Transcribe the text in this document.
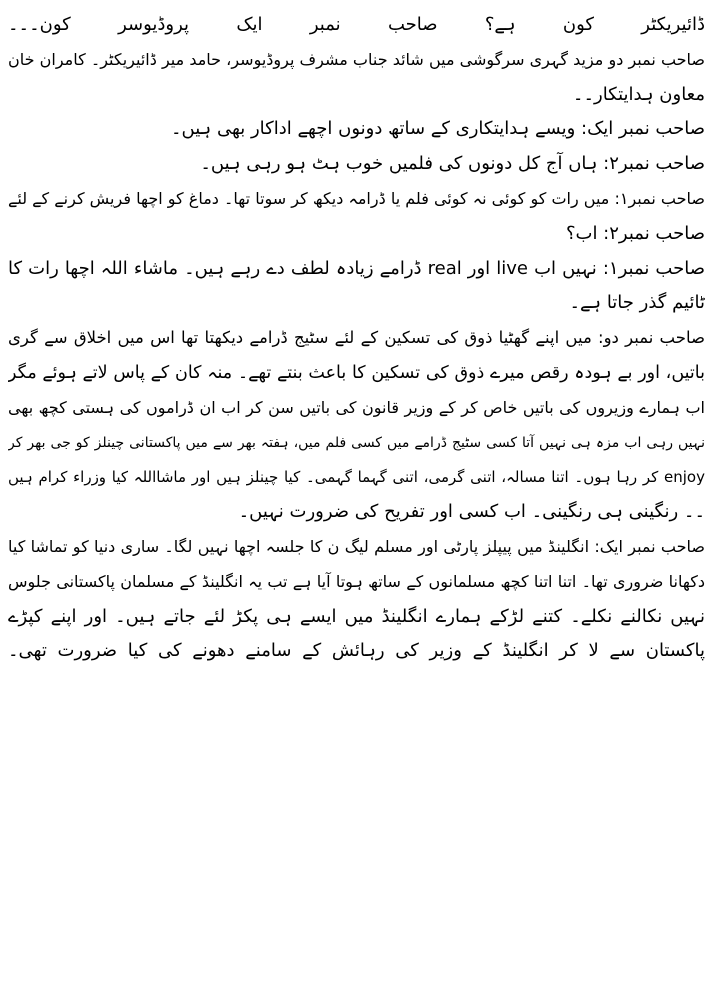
ڈائیریکٹر کون ہے؟ صاحب نمبر ایک پروڈیوسر کون۔۔۔
صاحب نمبر دو مزید گہری سرگوشی میں شائد جناب مشرف پروڈیوسر، حامد میر ڈائیریکٹر۔ کامران خان
معاون ہدایتکار۔۔
صاحب نمبر ایک: ویسے ہدایتکاری کے ساتھ دونوں اچھے اداکار بھی ہیں۔
صاحب نمبر۲: ہاں آج کل دونوں کی فلمیں خوب ہٹ ہو رہی ہیں۔
صاحب نمبر۱: میں رات کو کوئی نہ کوئی فلم یا ڈرامہ دیکھ کر سوتا تھا۔ دماغ کو اچھا فریش کرنے کے لئے
صاحب نمبر۲: اب؟
صاحب نمبر۱: نہیں اب live اور real ڈرامے زیادہ لطف دے رہے ہیں۔ ماشاء اللہ اچھا رات کا
ٹائیم گذر جاتا ہے۔
صاحب نمبر دو: میں اپنے گھٹیا ذوق کی تسکین کے لئے سٹیج ڈرامے دیکھتا تھا اس میں اخلاق سے گری
باتیں، اور بے ہودہ رقص میرے ذوق کی تسکین کا باعث بنتے تھے۔ منہ کان کے پاس لاتے ہوئے مگر
اب ہمارے وزیروں کی باتیں خاص کر کے وزیر قانون کی باتیں سن کر اب ان ڈراموں کی ہستی کچھ بھی
نہیں رہی اب مزہ ہی نہیں آتا کسی سٹیج ڈرامے میں کسی فلم میں، ہفتہ بھر سے میں پاکستانی چینلز کو جی بھر کر
enjoy کر رہا ہوں۔ اتنا مسالہ، اتنی گرمی، اتنی گہما گہمی۔ کیا چینلز ہیں اور ماشااللہ کیا وزراء کرام ہیں
۔۔ رنگینی ہی رنگینی۔ اب کسی اور تفریح کی ضرورت نہیں۔
صاحب نمبر ایک: انگلینڈ میں پیپلز پارٹی اور مسلم لیگ ن کا جلسہ اچھا نہیں لگا۔ ساری دنیا کو تماشا کیا
دکھانا ضروری تھا۔ اتنا اتنا کچھ مسلمانوں کے ساتھ ہوتا آیا ہے تب یہ انگلینڈ کے مسلمان پاکستانی جلوس
نہیں نکالنے نکلے۔ کتنے لڑکے ہمارے انگلینڈ میں ایسے ہی پکڑ لئے جاتے ہیں۔ اور اپنے کپڑے
پاکستان سے لا کر انگلینڈ کے وزیر کی رہائش کے سامنے دھونے کی کیا ضرورت تھی۔
